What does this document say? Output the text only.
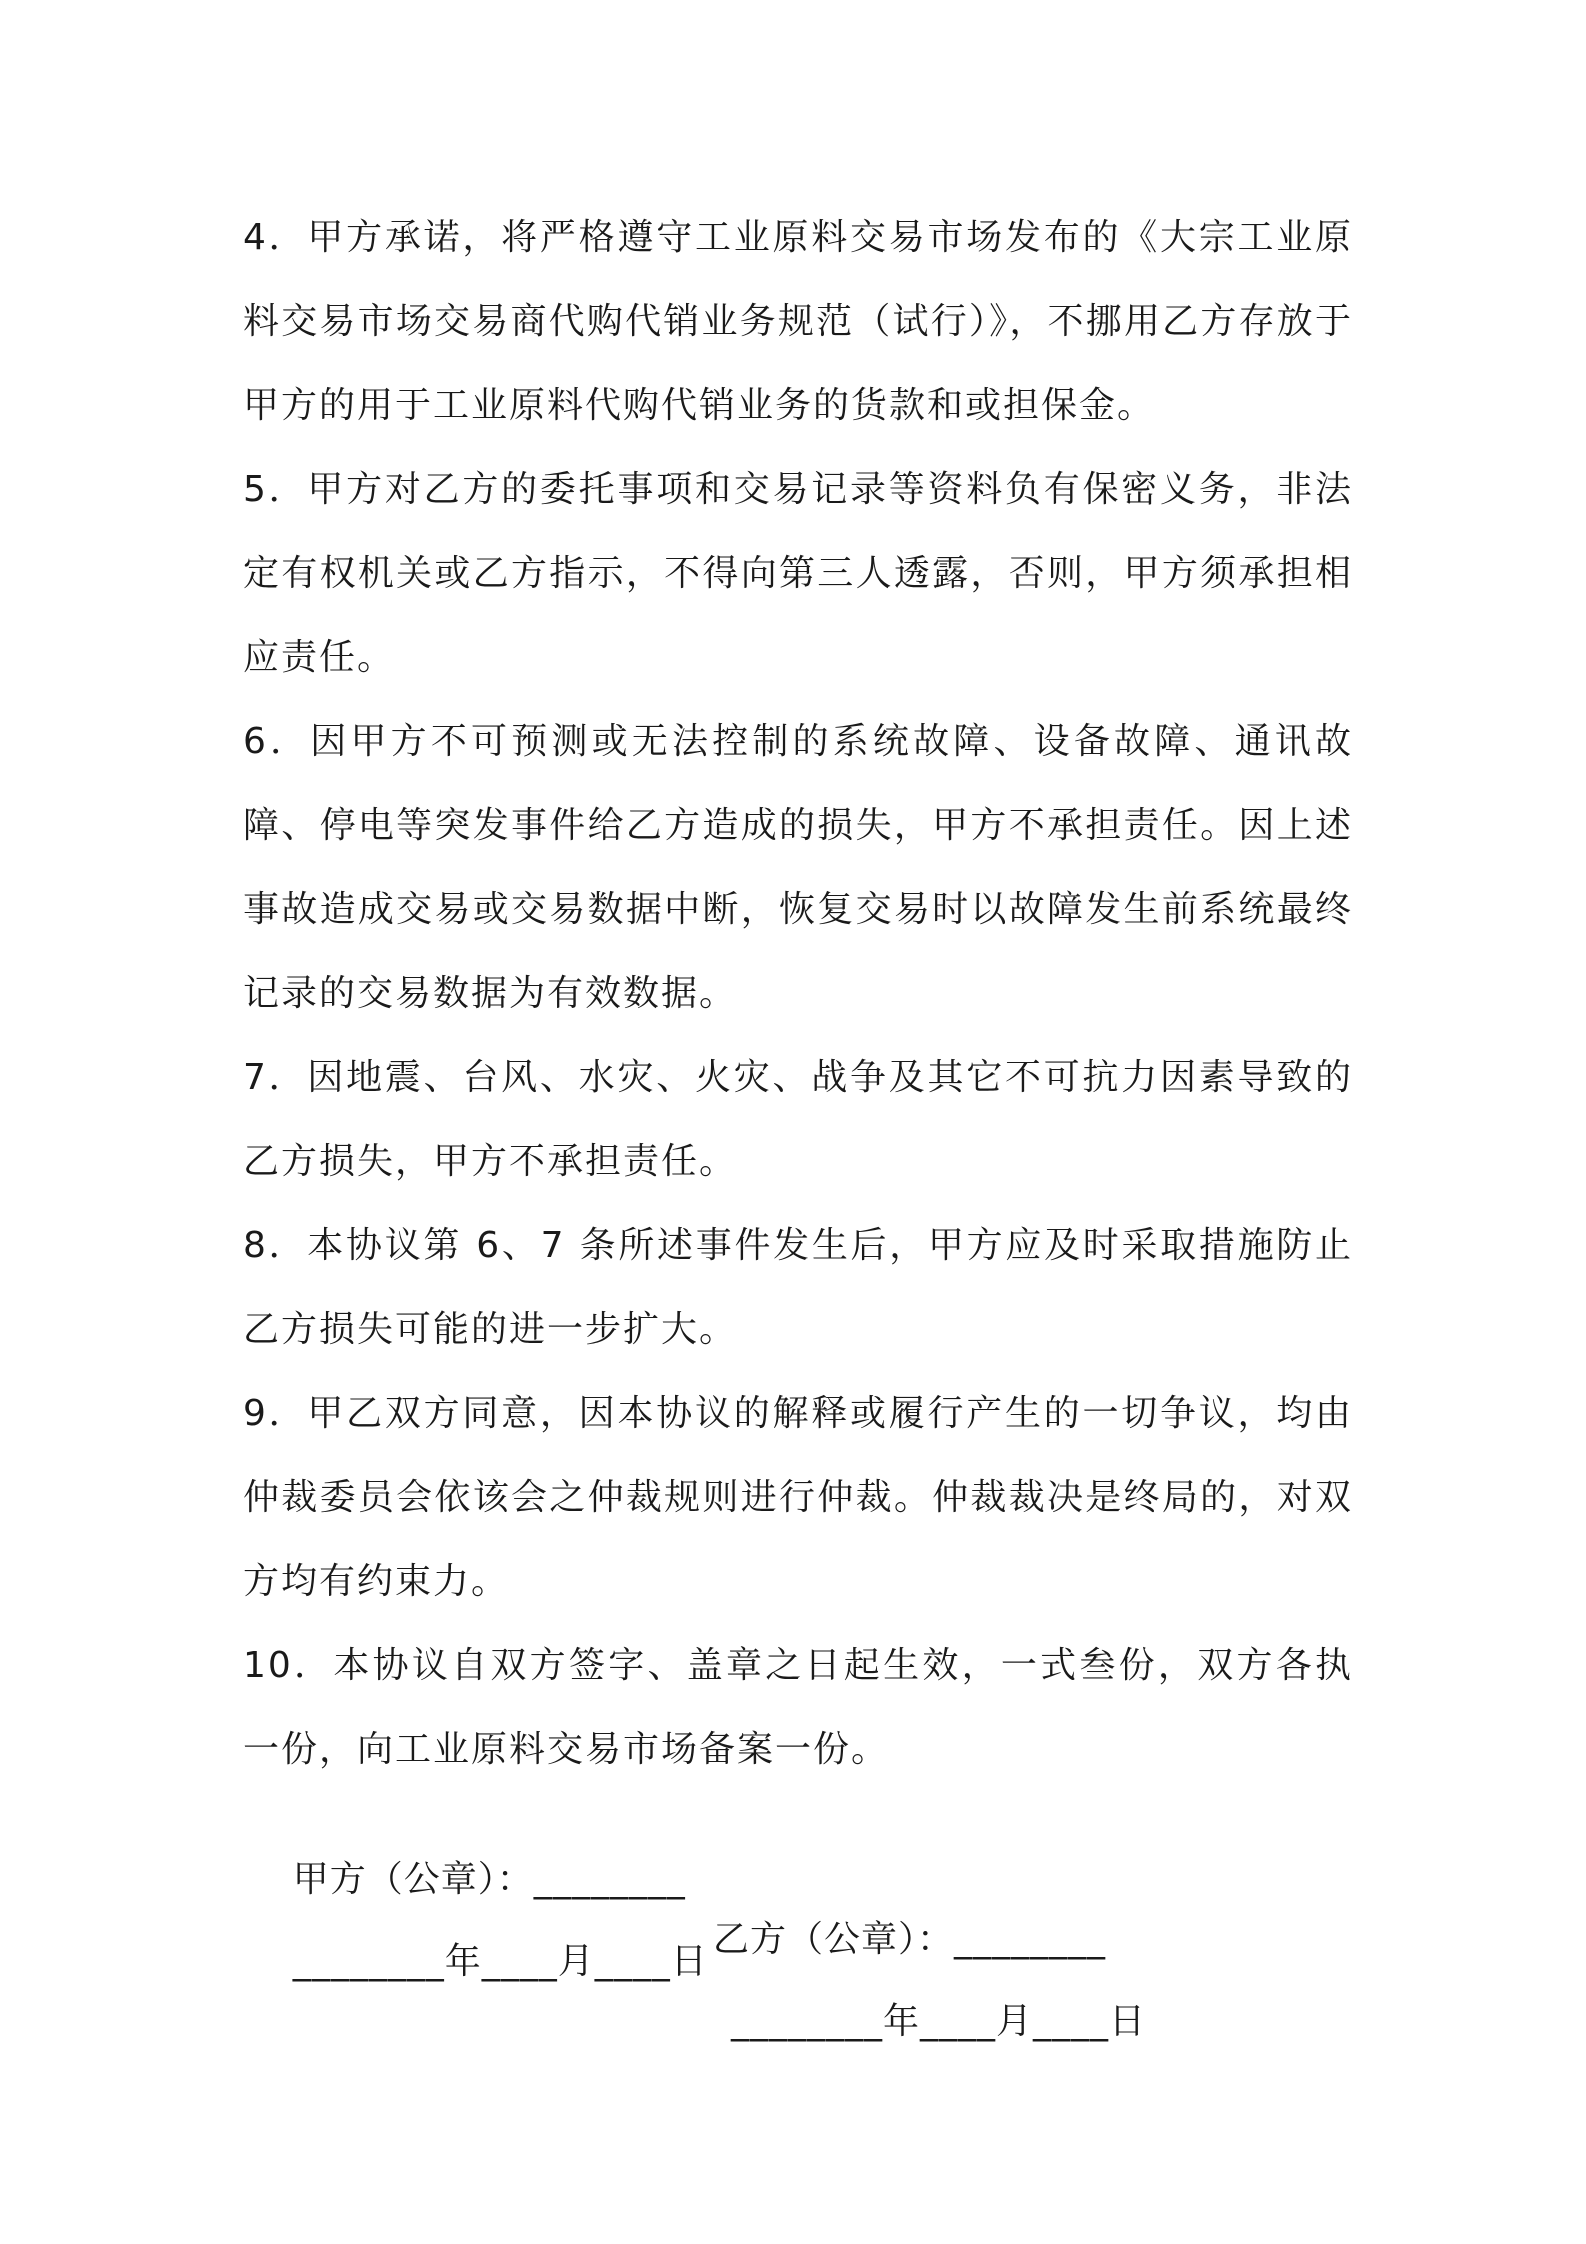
4．甲方承诺，将严格遵守工业原料交易市场发布的《大宗工业原料交易市场交易商代购代销业务规范（试行）》，不挪用乙方存放于甲方的用于工业原料代购代销业务的货款和或担保金。

5．甲方对乙方的委托事项和交易记录等资料负有保密义务，非法定有权机关或乙方指示，不得向第三人透露，否则，甲方须承担相应责任。

6．因甲方不可预测或无法控制的系统故障、设备故障、通讯故障、停电等突发事件给乙方造成的损失，甲方不承担责任。因上述事故造成交易或交易数据中断，恢复交易时以故障发生前系统最终记录的交易数据为有效数据。

7．因地震、台风、水灾、火灾、战争及其它不可抗力因素导致的乙方损失，甲方不承担责任。

8．本协议第 6、7 条所述事件发生后，甲方应及时采取措施防止乙方损失可能的进一步扩大。

9．甲乙双方同意，因本协议的解释或履行产生的一切争议，均由仲裁委员会依该会之仲裁规则进行仲裁。仲裁裁决是终局的，对双方均有约束力。

10．本协议自双方签字、盖章之日起生效，一式叁份，双方各执一份，向工业原料交易市场备案一份。

甲方（公章）：________

乙方（公章）：________

________年____月____日

________年____月____日
